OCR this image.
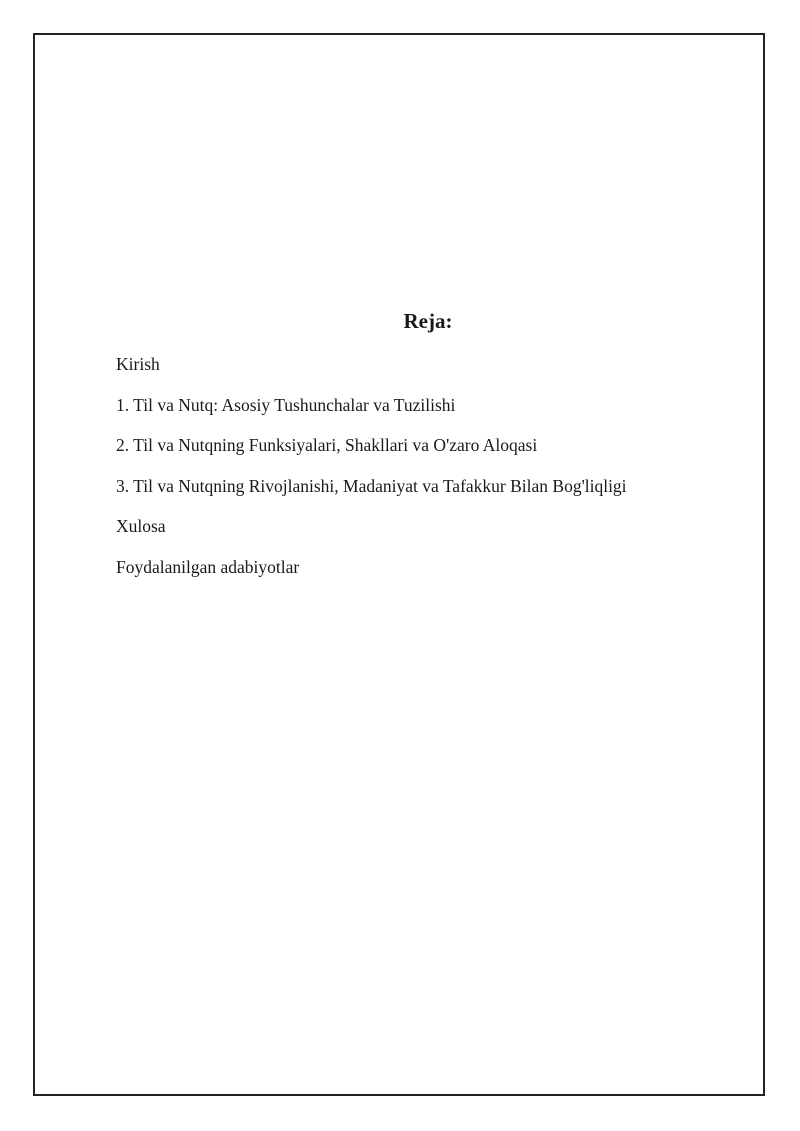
Reja:
Kirish
1. Til va Nutq: Asosiy Tushunchalar va Tuzilishi
2. Til va Nutqning Funksiyalari, Shakllari va O'zaro Aloqasi
3. Til va Nutqning Rivojlanishi, Madaniyat va Tafakkur Bilan Bog'liqligi
Xulosa
Foydalanilgan adabiyotlar
